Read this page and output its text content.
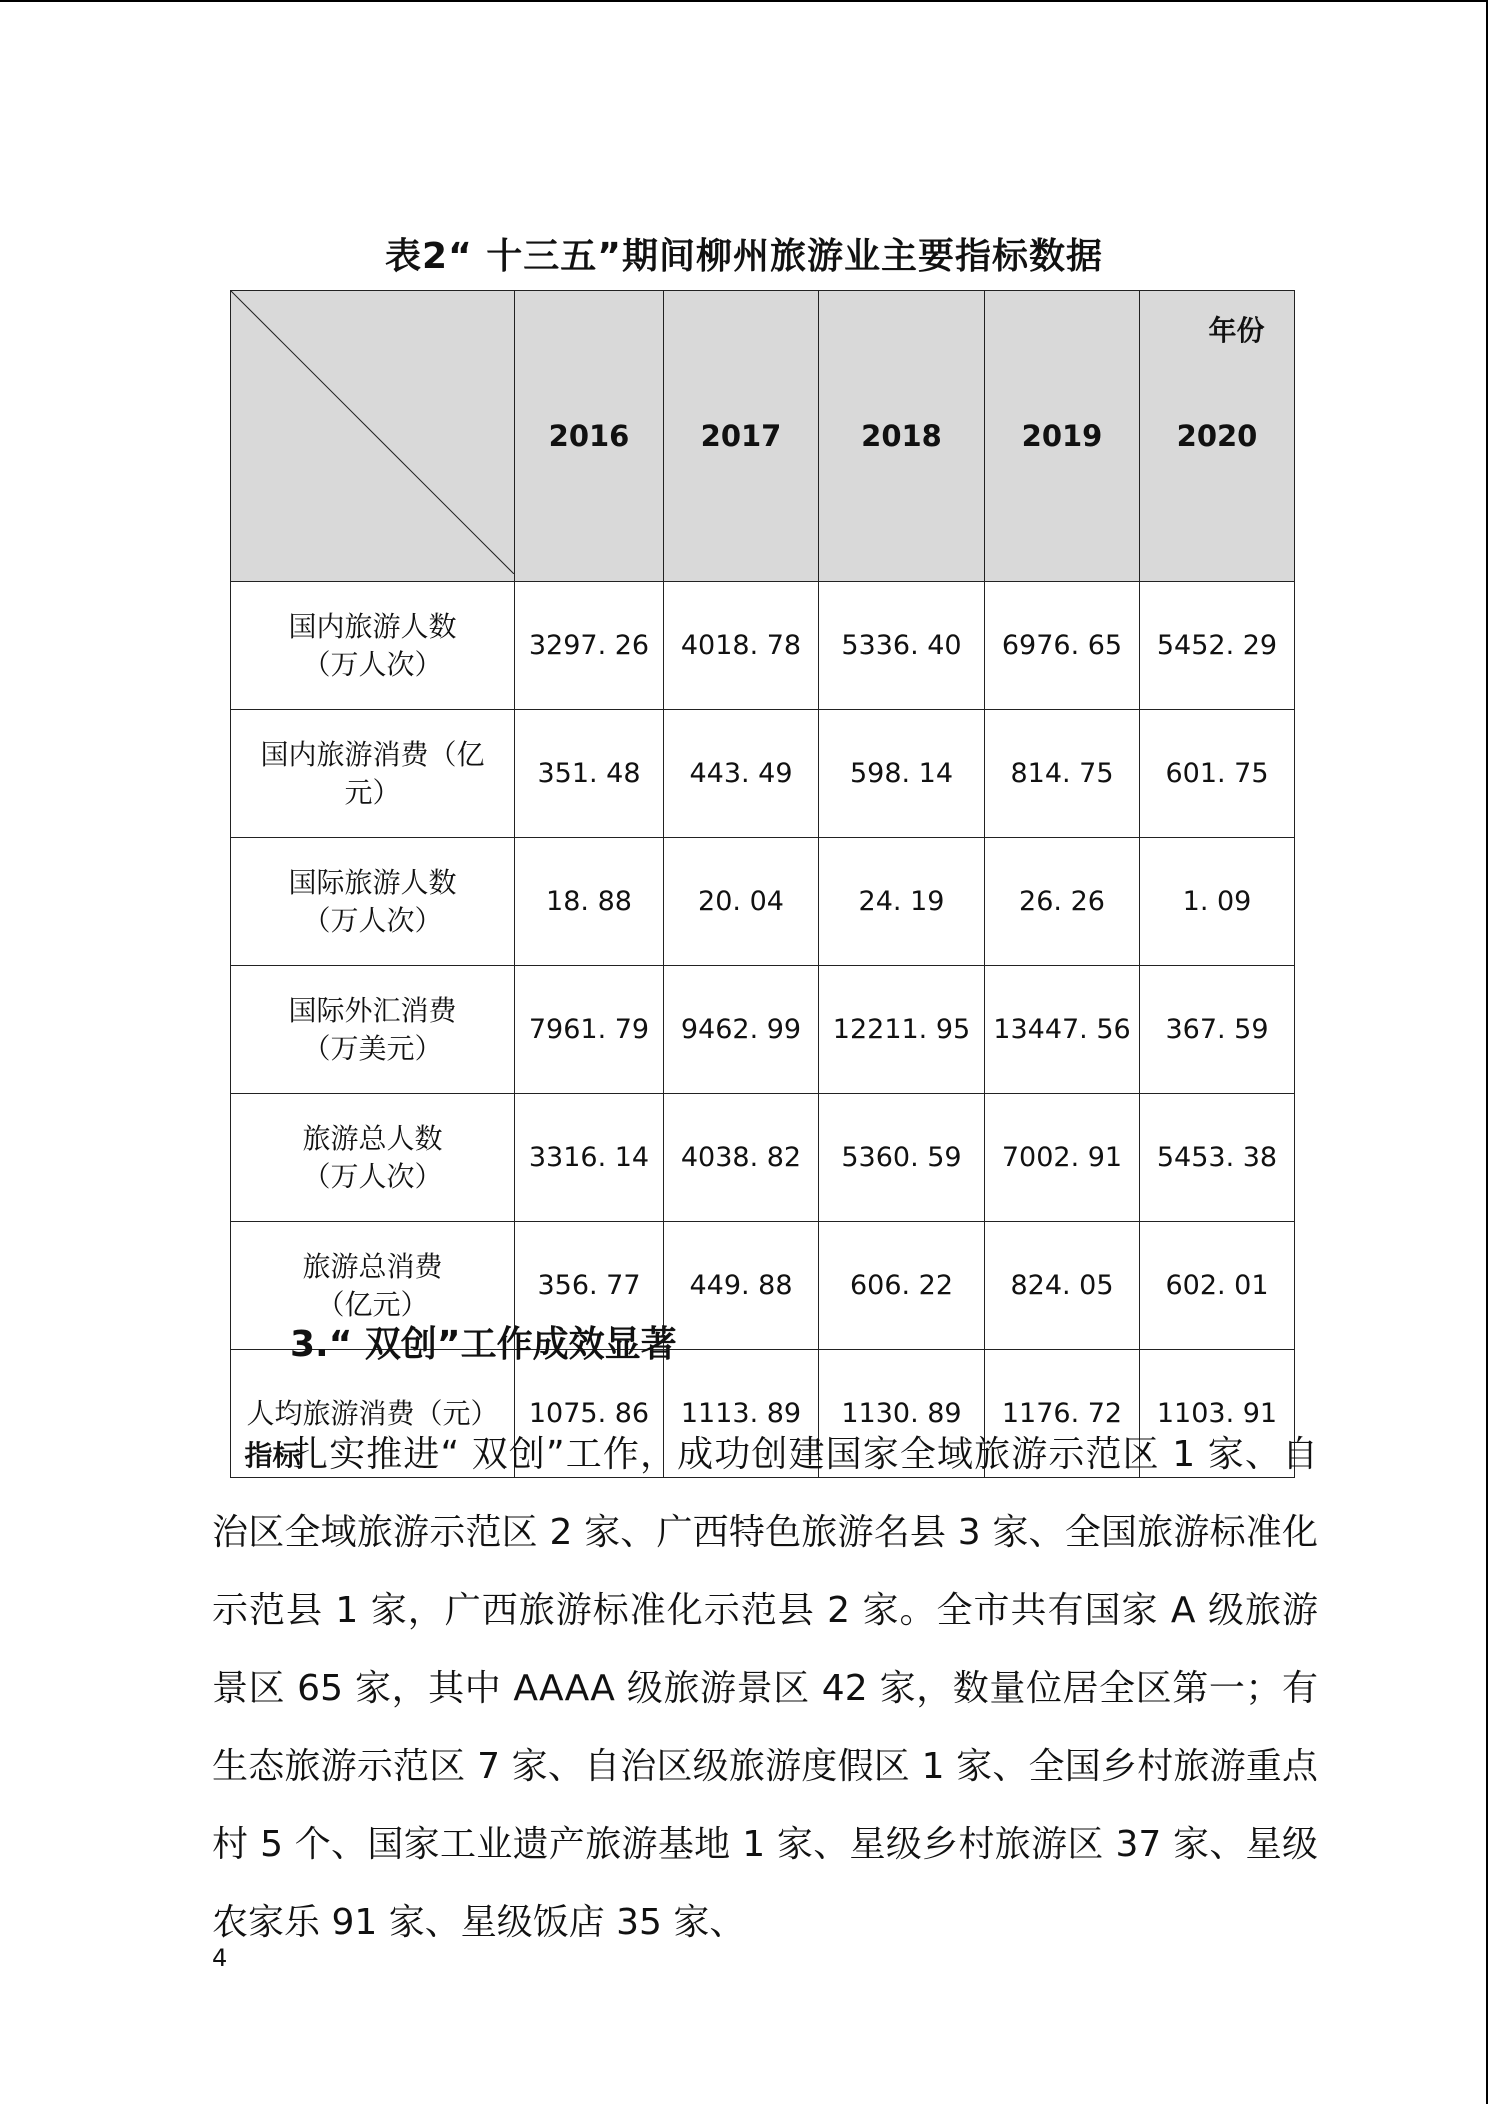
表2“ 十三五”期间柳州旅游业主要指标数据
年份
指标	2016	2017	2018	2019	2020
国内旅游人数
（万人次）	3297. 26	4018. 78	5336. 40	6976. 65	5452. 29
国内旅游消费（亿
元）	351. 48	443. 49	598. 14	814. 75	601. 75
国际旅游人数
（万人次）	18. 88	20. 04	24. 19	26. 26	1. 09
国际外汇消费
（万美元）	7961. 79	9462. 99	12211. 95	13447. 56	367. 59
旅游总人数
（万人次）	3316. 14	4038. 82	5360. 59	7002. 91	5453. 38
旅游总消费
（亿元）	356. 77	449. 88	606. 22	824. 05	602. 01
人均旅游消费（元）	1075. 86	1113. 89	1130. 89	1176. 72	1103. 91
3.“ 双创”工作成效显著

扎实推进“ 双创”工作，成功创建国家全域旅游示范区 1 家、自治区全域旅游示范区 2 家、广西特色旅游名县 3 家、全国旅游标准化示范县 1 家，广西旅游标准化示范县 2 家。全市共有国家 A 级旅游景区 65 家，其中 AAAA 级旅游景区 42 家，数量位居全区第一；有生态旅游示范区 7 家、自治区级旅游度假区 1 家、全国乡村旅游重点村 5 个、国家工业遗产旅游基地 1 家、星级乡村旅游区 37 家、星级农家乐 91 家、星级饭店 35 家、

4
